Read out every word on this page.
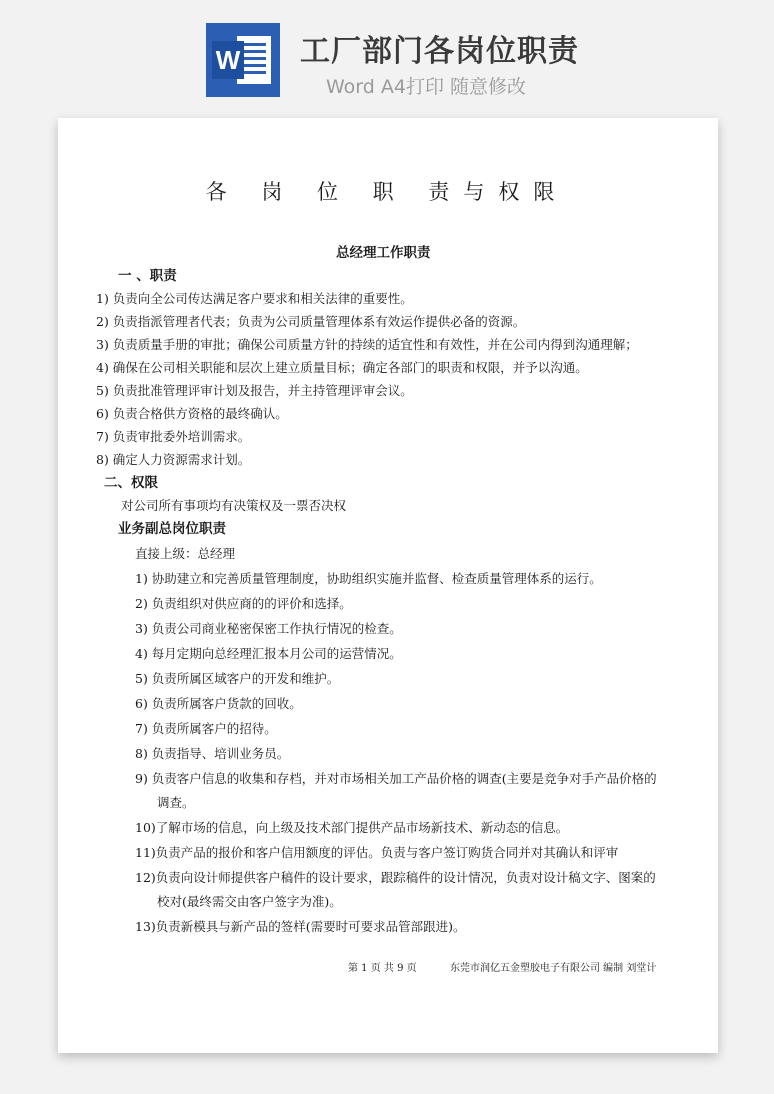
W 工厂部门各岗位职责
Word A4打印 随意修改
各 岗 位 职 责与权限
总经理工作职责
一 、职责
1) 负责向全公司传达满足客户要求和相关法律的重要性。
2) 负责指派管理者代表；负责为公司质量管理体系有效运作提供必备的资源。
3) 负责质量手册的审批；确保公司质量方针的持续的适宜性和有效性，并在公司内得到沟通理解；
4) 确保在公司相关职能和层次上建立质量目标；确定各部门的职责和权限，并予以沟通。
5) 负责批准管理评审计划及报告，并主持管理评审会议。
6) 负责合格供方资格的最终确认。
7) 负责审批委外培训需求。
8) 确定人力资源需求计划。
二、权限
对公司所有事项均有决策权及一票否决权
业务副总岗位职责
直接上级：总经理
1) 协助建立和完善质量管理制度，协助组织实施并监督、检查质量管理体系的运行。
2) 负责组织对供应商的的评价和选择。
3) 负责公司商业秘密保密工作执行情况的检查。
4) 每月定期向总经理汇报本月公司的运营情况。
5) 负责所属区域客户的开发和维护。
6) 负责所属客户货款的回收。
7) 负责所属客户的招待。
8) 负责指导、培训业务员。
9) 负责客户信息的收集和存档，并对市场相关加工产品价格的调查(主要是竞争对手产品价格的
调查。
10)了解市场的信息，向上级及技术部门提供产品市场新技术、新动态的信息。
11)负责产品的报价和客户信用额度的评估。负责与客户签订购货合同并对其确认和评审
12)负责向设计师提供客户稿件的设计要求，跟踪稿件的设计情况，负责对设计稿文字、图案的
校对(最终需交由客户签字为准)。
13)负责新模具与新产品的签样(需要时可要求品管部跟进)。
第 1 页 共 9 页	东莞市润亿五金塑胶电子有限公司 编制 刘堂计
